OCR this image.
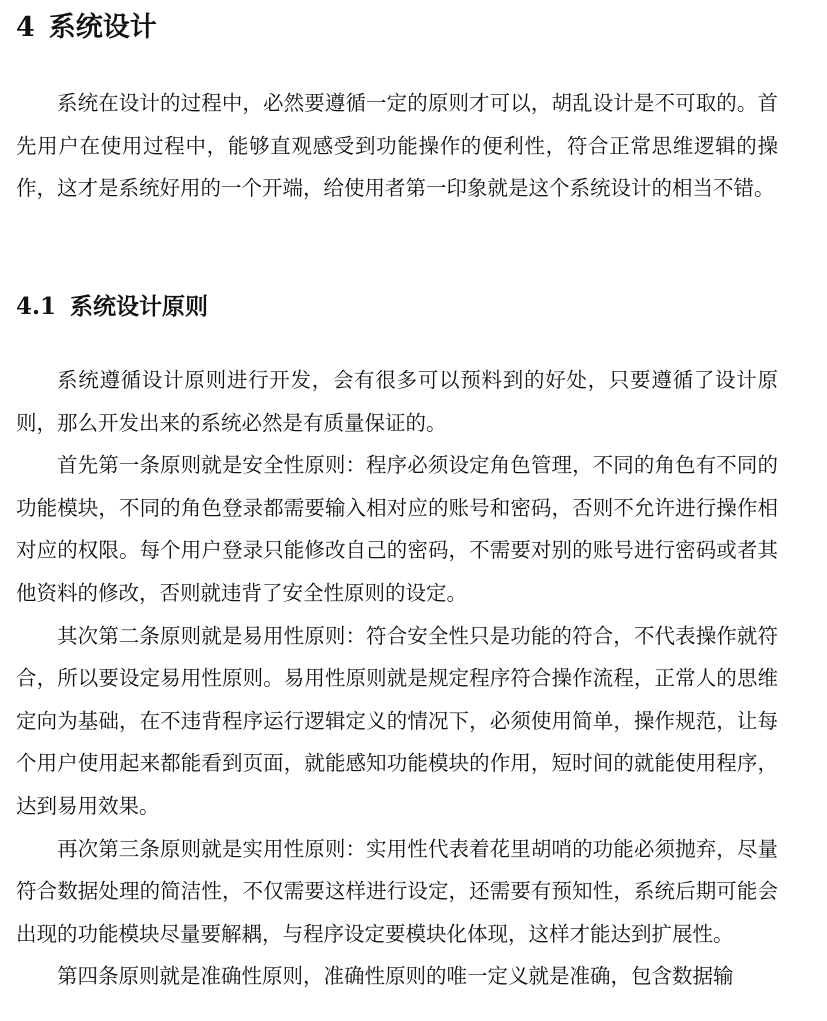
4 系统设计

系统在设计的过程中，必然要遵循一定的原则才可以，胡乱设计是不可取的。首先用户在使用过程中，能够直观感受到功能操作的便利性，符合正常思维逻辑的操作，这才是系统好用的一个开端，给使用者第一印象就是这个系统设计的相当不错。

4.1 系统设计原则

系统遵循设计原则进行开发，会有很多可以预料到的好处，只要遵循了设计原则，那么开发出来的系统必然是有质量保证的。

首先第一条原则就是安全性原则：程序必须设定角色管理，不同的角色有不同的功能模块，不同的角色登录都需要输入相对应的账号和密码，否则不允许进行操作相对应的权限。每个用户登录只能修改自己的密码，不需要对别的账号进行密码或者其他资料的修改，否则就违背了安全性原则的设定。

其次第二条原则就是易用性原则：符合安全性只是功能的符合，不代表操作就符合，所以要设定易用性原则。易用性原则就是规定程序符合操作流程，正常人的思维定向为基础，在不违背程序运行逻辑定义的情况下，必须使用简单，操作规范，让每个用户使用起来都能看到页面，就能感知功能模块的作用，短时间的就能使用程序，达到易用效果。

再次第三条原则就是实用性原则：实用性代表着花里胡哨的功能必须抛弃，尽量符合数据处理的简洁性，不仅需要这样进行设定，还需要有预知性，系统后期可能会出现的功能模块尽量要解耦，与程序设定要模块化体现，这样才能达到扩展性。

第四条原则就是准确性原则，准确性原则的唯一定义就是准确，包含数据输
